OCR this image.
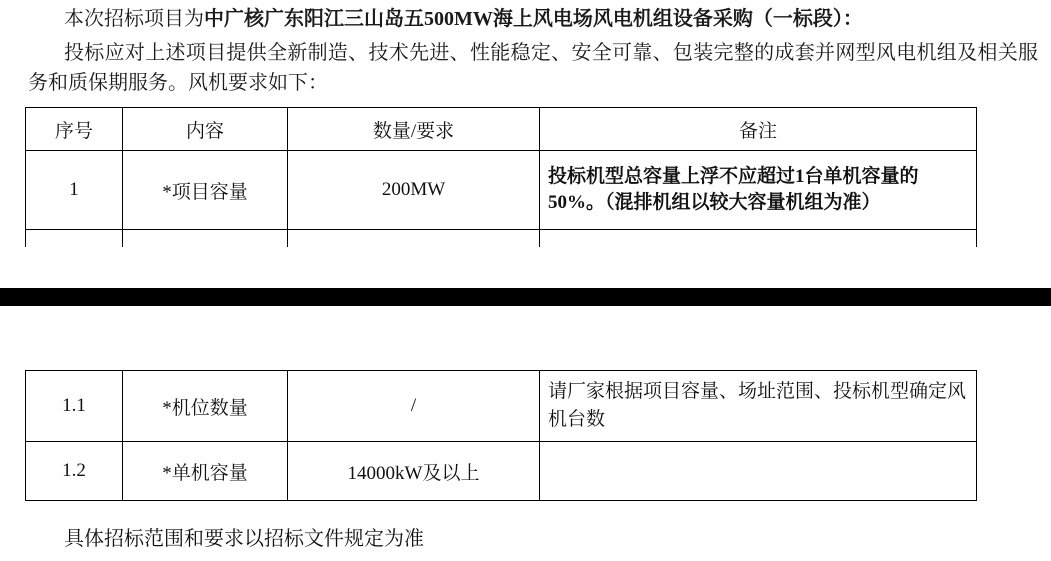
本次招标项目为中广核广东阳江三山岛五500MW海上风电场风电机组设备采购（一标段）：
投标应对上述项目提供全新制造、技术先进、性能稳定、安全可靠、包装完整的成套并网型风电机组及相关服务和质保期服务。风机要求如下：
序号	内容	数量/要求	备注
1	*项目容量	200MW	投标机型总容量上浮不应超过1台单机容量的50%。（混排机组以较大容量机组为准）

1.1	*机位数量	/	请厂家根据项目容量、场址范围、投标机型确定风机台数
1.2	*单机容量	14000kW及以上	
具体招标范围和要求以招标文件规定为准
